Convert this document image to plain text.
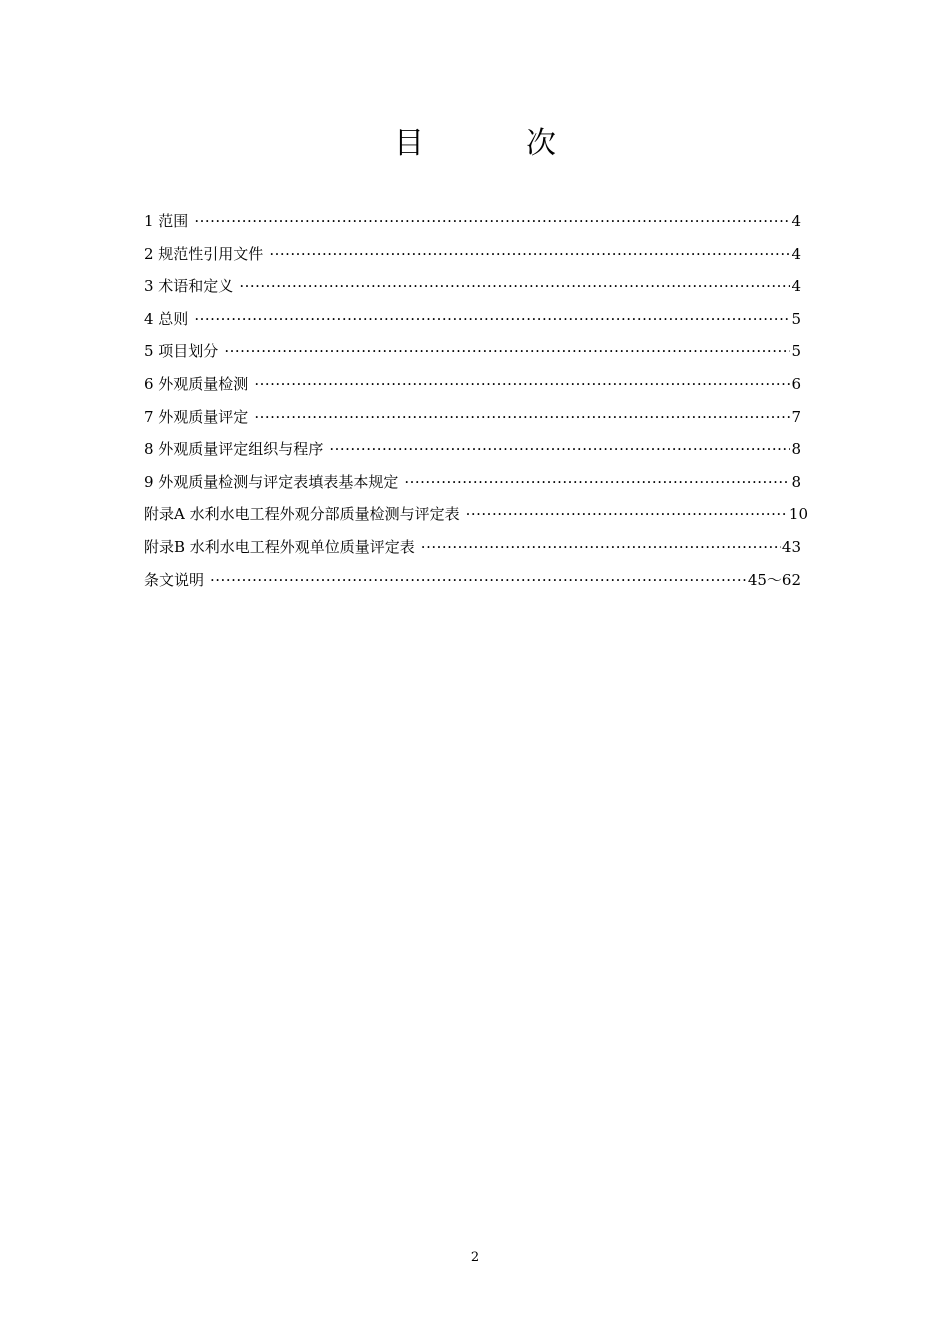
目　次
1 范围 ·····	4
2 规范性引用文件 ·····	4
3 术语和定义 ·····	4
4 总则 ·····	5
5 项目划分 ·····	5
6 外观质量检测 ·····	6
7 外观质量评定 ·····	7
8 外观质量评定组织与程序 ·····	8
9 外观质量检测与评定表填表基本规定 ·····	8
附录A 水利水电工程外观分部质量检测与评定表 ·····	10
附录B 水利水电工程外观单位质量评定表 ·····	43
条文说明 ·····	45～62
2
